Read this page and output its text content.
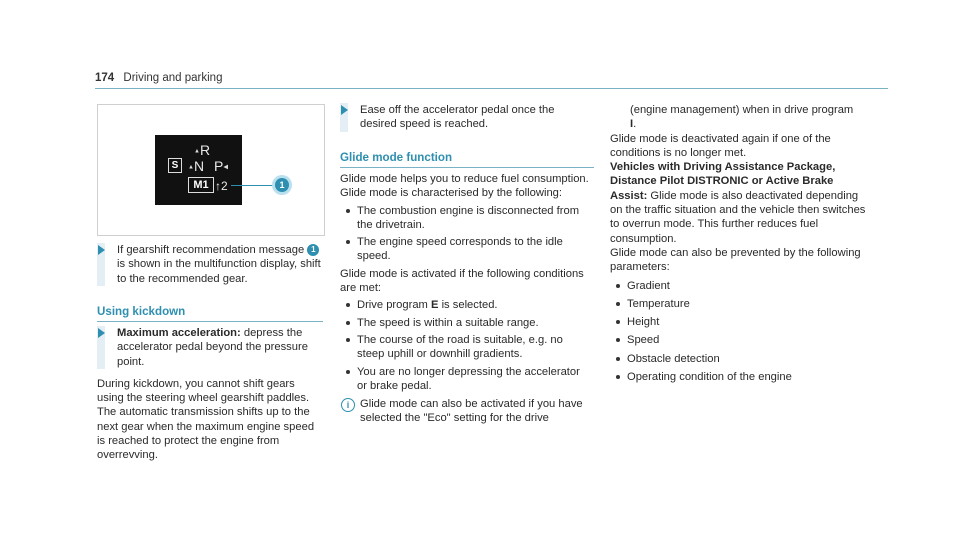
174 Driving and parking
▲R
S	▲N P◀
M1 ↑2	1
If gearshift recommendation message 1 is shown in the multifunction display, shift to the recommended gear.
Using kickdown
Maximum acceleration: depress the accelerator pedal beyond the pressure point.

During kickdown, you cannot shift gears using the steering wheel gearshift paddles. The automatic transmission shifts up to the next gear when the maximum engine speed is reached to protect the engine from overrevving.

Ease off the accelerator pedal once the desired speed is reached.
Glide mode function

Glide mode helps you to reduce fuel consumption.

Glide mode is characterised by the following:

The combustion engine is disconnected from the drivetrain.
The engine speed corresponds to the idle speed.

Glide mode is activated if the following conditions are met:

Drive program E is selected.
The speed is within a suitable range.
The course of the road is suitable, e.g. no steep uphill or downhill gradients.
You are no longer depressing the accelerator or brake pedal.
i Glide mode can also be activated if you have selected the "Eco" setting for the drive

(engine management) when in drive program
I.

Glide mode is deactivated again if one of the conditions is no longer met.

Vehicles with Driving Assistance Package, Distance Pilot DISTRONIC or Active Brake Assist: Glide mode is also deactivated depending on the traffic situation and the vehicle then switches to overrun mode. This further reduces fuel consumption.

Glide mode can also be prevented by the following parameters:

Gradient
Temperature
Height
Speed
Obstacle detection
Operating condition of the engine
